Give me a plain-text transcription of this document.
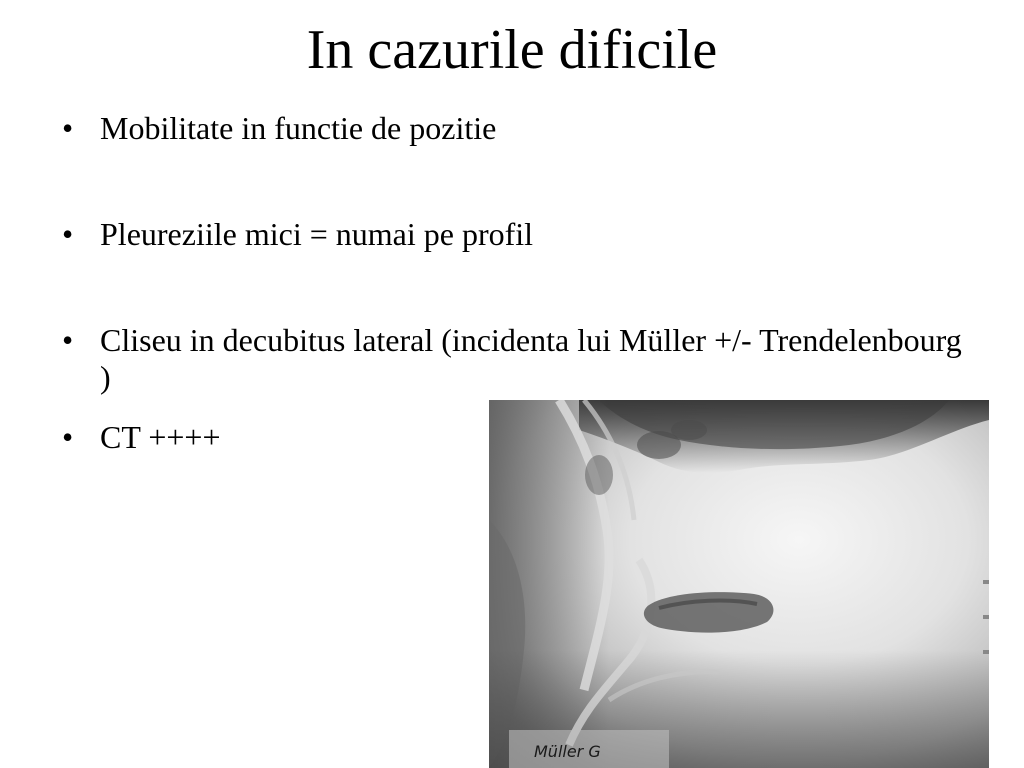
In cazurile dificile
• Mobilitate in functie de pozitie
• Pleureziile mici = numai pe profil
• Cliseu in decubitus lateral (incidenta lui Müller +/- Trendelenbourg )
• CT ++++
Müller G
